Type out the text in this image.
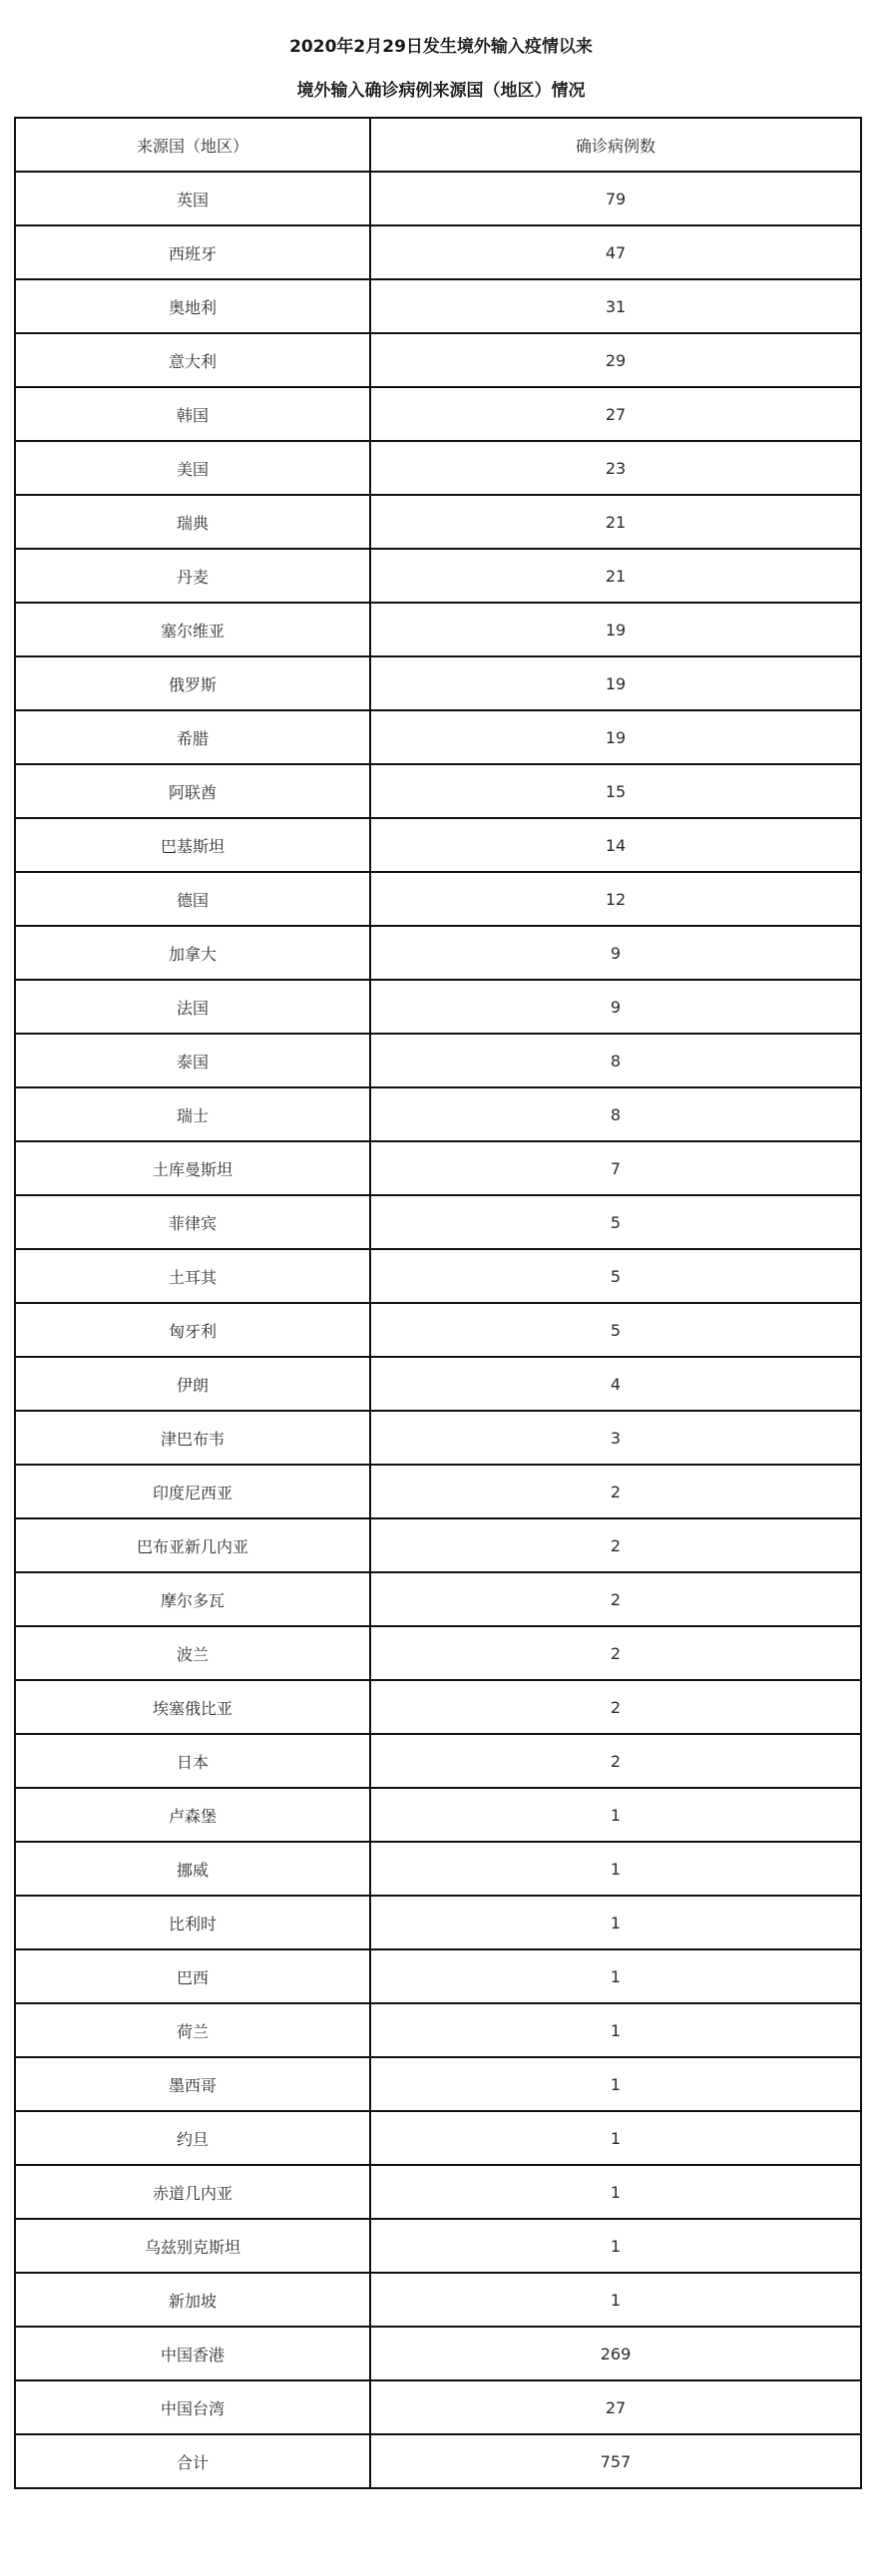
2020年2月29日发生境外输入疫情以来
境外输入确诊病例来源国（地区）情况
来源国（地区）	确诊病例数
英国	79
西班牙	47
奥地利	31
意大利	29
韩国	27
美国	23
瑞典	21
丹麦	21
塞尔维亚	19
俄罗斯	19
希腊	19
阿联酋	15
巴基斯坦	14
德国	12
加拿大	9
法国	9
泰国	8
瑞士	8
土库曼斯坦	7
菲律宾	5
土耳其	5
匈牙利	5
伊朗	4
津巴布韦	3
印度尼西亚	2
巴布亚新几内亚	2
摩尔多瓦	2
波兰	2
埃塞俄比亚	2
日本	2
卢森堡	1
挪威	1
比利时	1
巴西	1
荷兰	1
墨西哥	1
约旦	1
赤道几内亚	1
乌兹别克斯坦	1
新加坡	1
中国香港	269
中国台湾	27
合计	757
